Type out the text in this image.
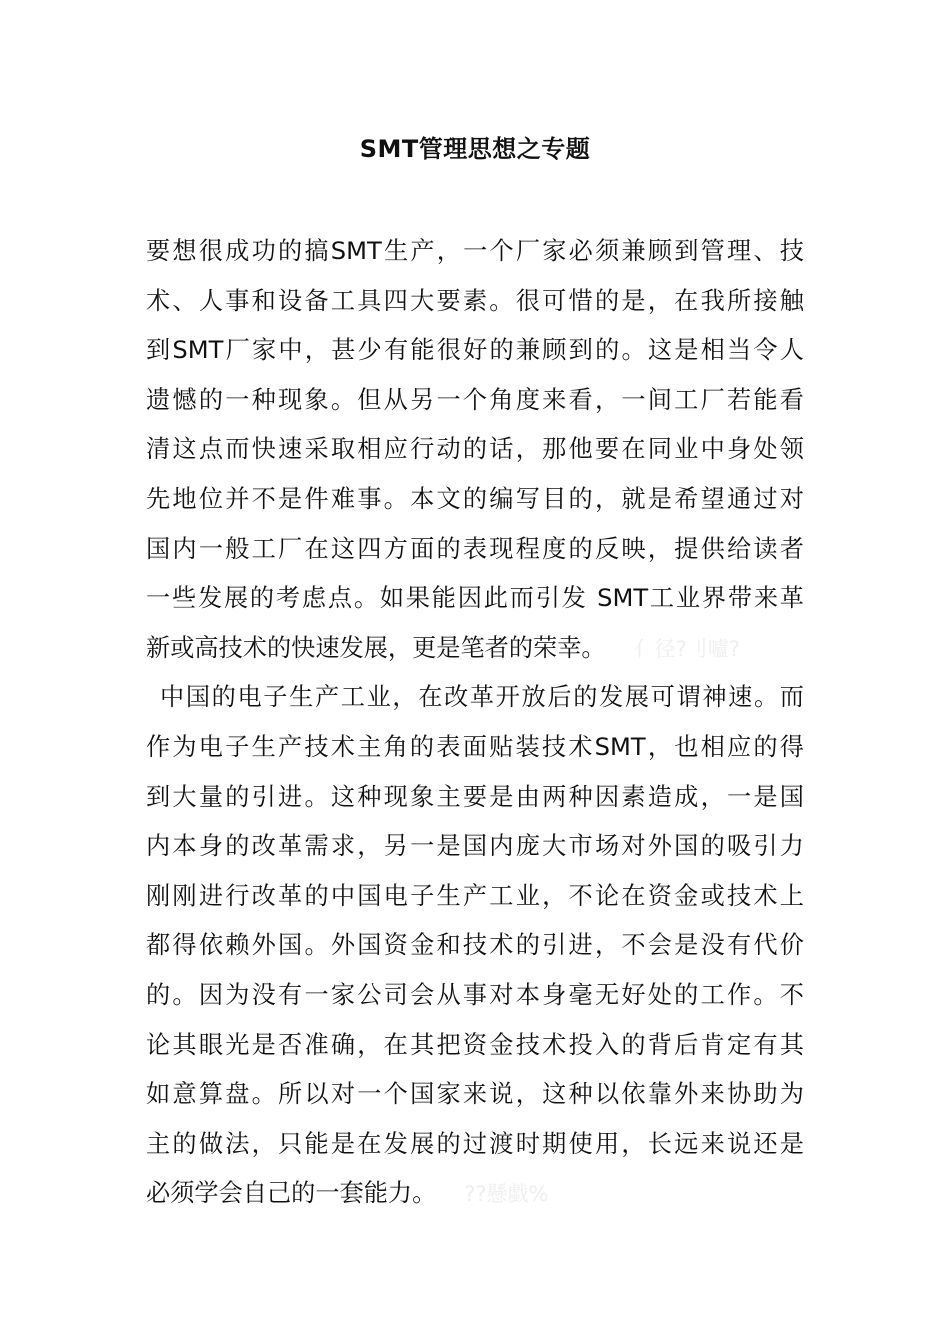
SMT管理思想之专题
要想很成功的搞SMT生产，一个厂家必须兼顾到管理、技
术、人事和设备工具四大要素。很可惜的是，在我所接触
到SMT厂家中，甚少有能很好的兼顾到的。这是相当令人
遗憾的一种现象。但从另一个角度来看，一间工厂若能看
清这点而快速采取相应行动的话，那他要在同业中身处领
先地位并不是件难事。本文的编写目的，就是希望通过对
国内一般工厂在这四方面的表现程度的反映，提供给读者
一些发展的考虑点。如果能因此而引发 SMT工业界带来革
新或高技术的快速发展，更是笔者的荣幸。 亻径?刂嚧?
中国的电子生产工业，在改革开放后的发展可谓神速。而
作为电子生产技术主角的表面贴装技术SMT，也相应的得
到大量的引进。这种现象主要是由两种因素造成，一是国
内本身的改革需求，另一是国内庞大市场对外国的吸引力
刚刚进行改革的中国电子生产工业，不论在资金或技术上
都得依赖外国。外国资金和技术的引进，不会是没有代价
的。因为没有一家公司会从事对本身毫无好处的工作。不
论其眼光是否准确，在其把资金技术投入的背后肯定有其
如意算盘。所以对一个国家来说，这种以依靠外来协助为
主的做法，只能是在发展的过渡时期使用，长远来说还是
必须学会自己的一套能力。 ??懸戱%
